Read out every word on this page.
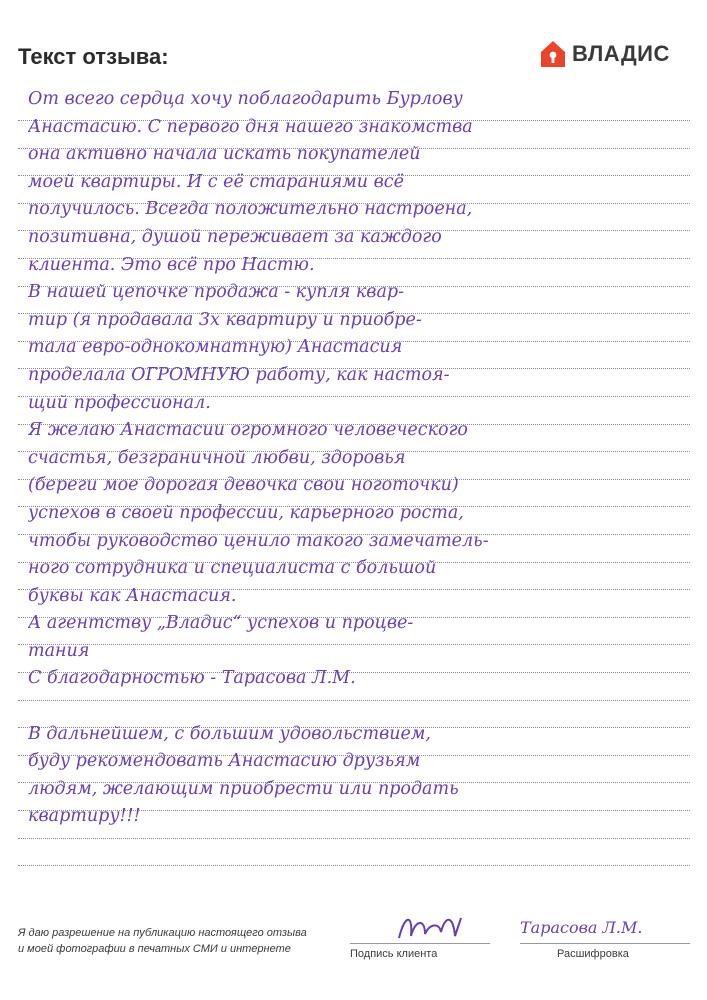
Текст отзыва:	ВЛАДИС
От всего сердца хочу поблагодарить Бурлову
Анастасию. С первого дня нашего знакомства
она активно начала искать покупателей
моей квартиры. И с её стараниями всё
получилось. Всегда положительно настроена,
позитивна, душой переживает за каждого
клиента. Это всё про Настю.
В нашей цепочке продажа - купля квар-
тир (я продавала 3х квартиру и приобре-
тала евро-однокомнатную) Анастасия
проделала ОГРОМНУЮ работу, как настоя-
щий профессионал.
Я желаю Анастасии огромного человеческого
счастья, безграничной любви, здоровья
(береги мое дорогая девочка свои ноготочки)
успехов в своей профессии, карьерного роста,
чтобы руководство ценило такого замечатель-
ного сотрудника и специалиста с большой
буквы как Анастасия.
А агентству „Владис“ успехов и процве-
тания
С благодарностью - Тарасова Л.М.
В дальнейшем, с большим удовольствием,
буду рекомендовать Анастасию друзьям
людям, желающим приобрести или продать
квартиру!!!
Я даю разрешение на публикацию настоящего отзыва
и моей фотографии в печатных СМИ и интернете
Тарасова Л.М.
Подпись клиента	Расшифровка
